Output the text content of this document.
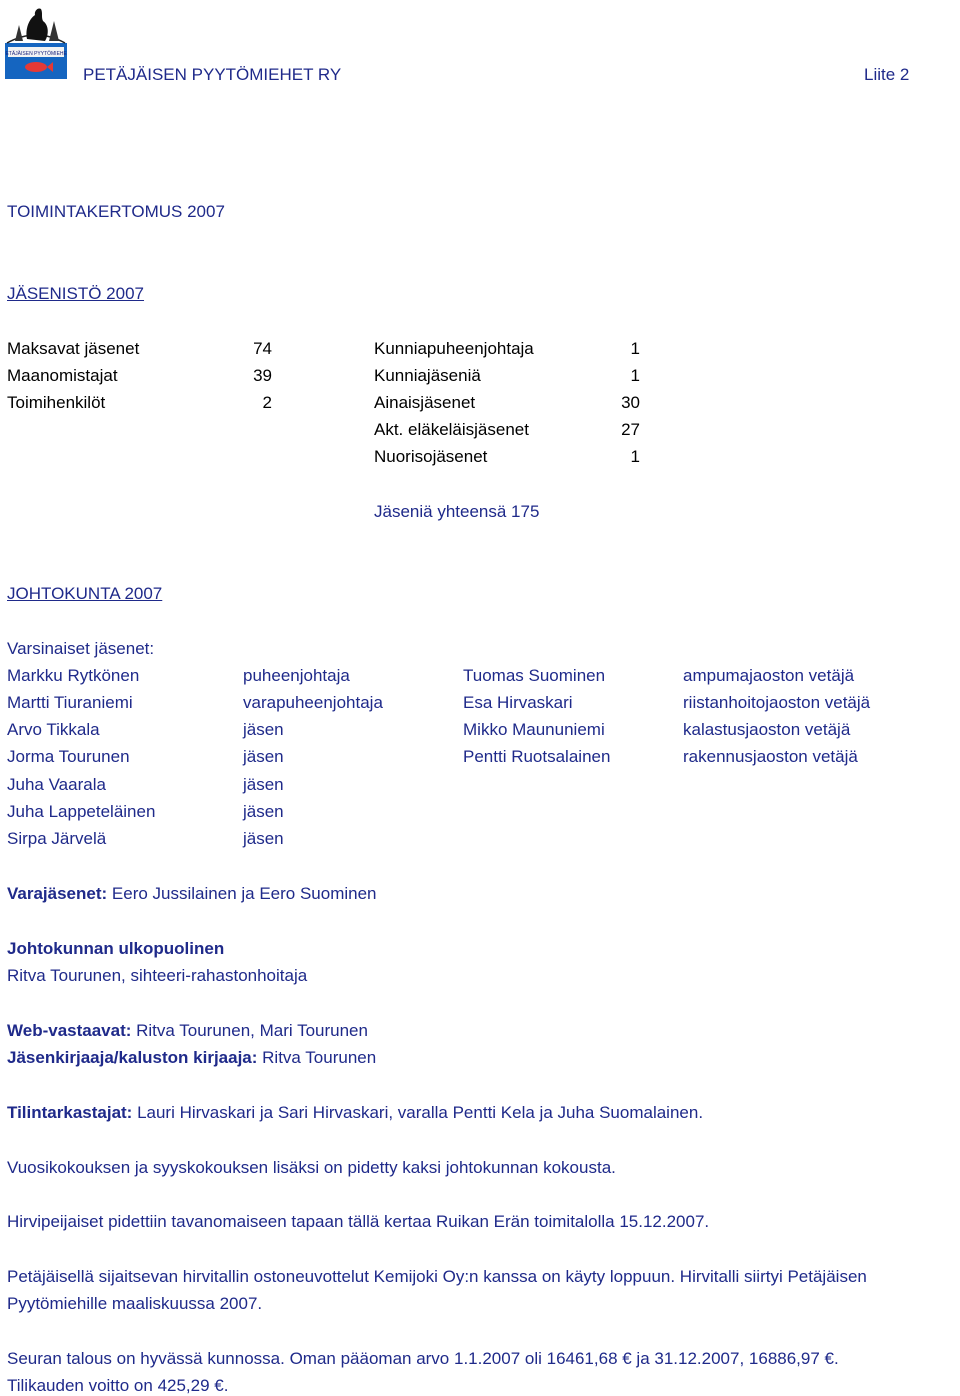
PETÄJÄISEN PYYTÖMIEHET
PETÄJÄISEN PYYTÖMIEHET RY	Liite 2
TOIMINTAKERTOMUS 2007
JÄSENISTÖ 2007
Maksavat jäsenet	74
Maanomistajat	39
Toimihenkilöt	2
Kunniapuheenjohtaja	1
Kunniajäseniä	1
Ainaisjäsenet	30
Akt. eläkeläisjäsenet	27
Nuorisojäsenet	1
Jäseniä yhteensä 175
JOHTOKUNTA 2007
Varsinaiset jäsenet:
Markku Rytkönen	puheenjohtaja
Martti Tiuraniemi	varapuheenjohtaja
Arvo Tikkala	jäsen
Jorma Tourunen	jäsen
Juha Vaarala	jäsen
Juha Lappeteläinen	jäsen
Sirpa Järvelä	jäsen
Tuomas Suominen	ampumajaoston vetäjä
Esa Hirvaskari	riistanhoitojaoston vetäjä
Mikko Maununiemi	kalastusjaoston vetäjä
Pentti Ruotsalainen	rakennusjaoston vetäjä
Varajäsenet: Eero Jussilainen ja Eero Suominen
Johtokunnan ulkopuolinen
Ritva Tourunen, sihteeri-rahastonhoitaja
Web-vastaavat: Ritva Tourunen, Mari Tourunen
Jäsenkirjaaja/kaluston kirjaaja: Ritva Tourunen
Tilintarkastajat: Lauri Hirvaskari ja Sari Hirvaskari, varalla Pentti Kela ja Juha Suomalainen.
Vuosikokouksen ja syyskokouksen lisäksi on pidetty kaksi johtokunnan kokousta.
Hirvipeijaiset pidettiin tavanomaiseen tapaan tällä kertaa Ruikan Erän toimitalolla 15.12.2007.
Petäjäisellä sijaitsevan hirvitallin ostoneuvottelut Kemijoki Oy:n kanssa on käyty loppuun. Hirvitalli siirtyi Petäjäisen
Pyytömiehille maaliskuussa 2007.
Seuran talous on hyvässä kunnossa. Oman pääoman arvo 1.1.2007 oli 16461,68 € ja 31.12.2007, 16886,97 €.
Tilikauden voitto on 425,29 €.
